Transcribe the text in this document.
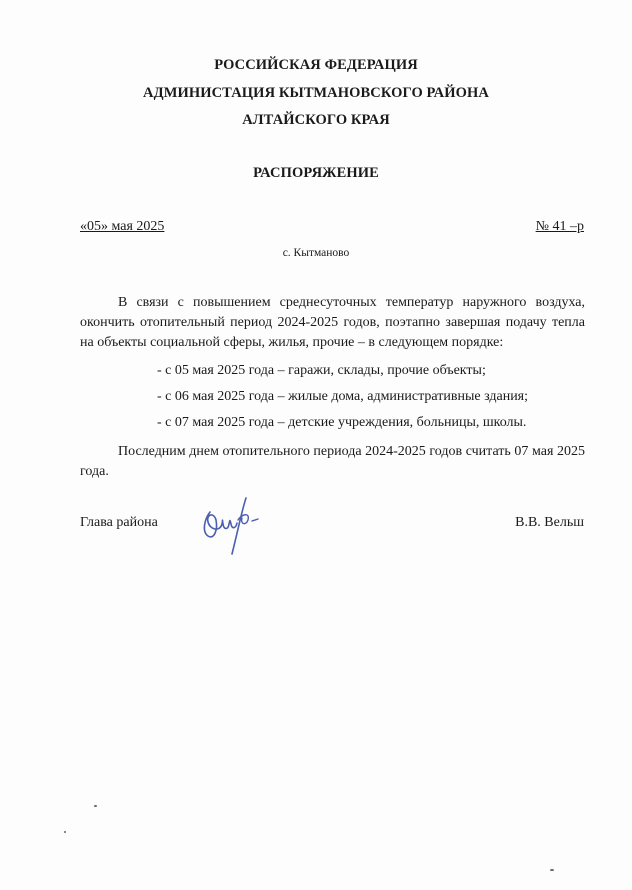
РОССИЙСКАЯ ФЕДЕРАЦИЯ
АДМИНИСТАЦИЯ КЫТМАНОВСКОГО РАЙОНА
АЛТАЙСКОГО КРАЯ
РАСПОРЯЖЕНИЕ
«05» мая 2025	№ 41 –р
с. Кытманово
В связи с повышением среднесуточных температур наружного воздуха, окончить отопительный период 2024-2025 годов, поэтапно завершая подачу тепла на объекты социальной сферы, жилья, прочие – в следующем порядке:
- с 05 мая 2025 года – гаражи, склады, прочие объекты;
- с 06 мая 2025 года – жилые дома, административные здания;
- с 07 мая 2025 года – детские учреждения, больницы, школы.
Последним днем отопительного периода 2024-2025 годов считать 07 мая 2025 года.
Глава района	В.В. Вельш
